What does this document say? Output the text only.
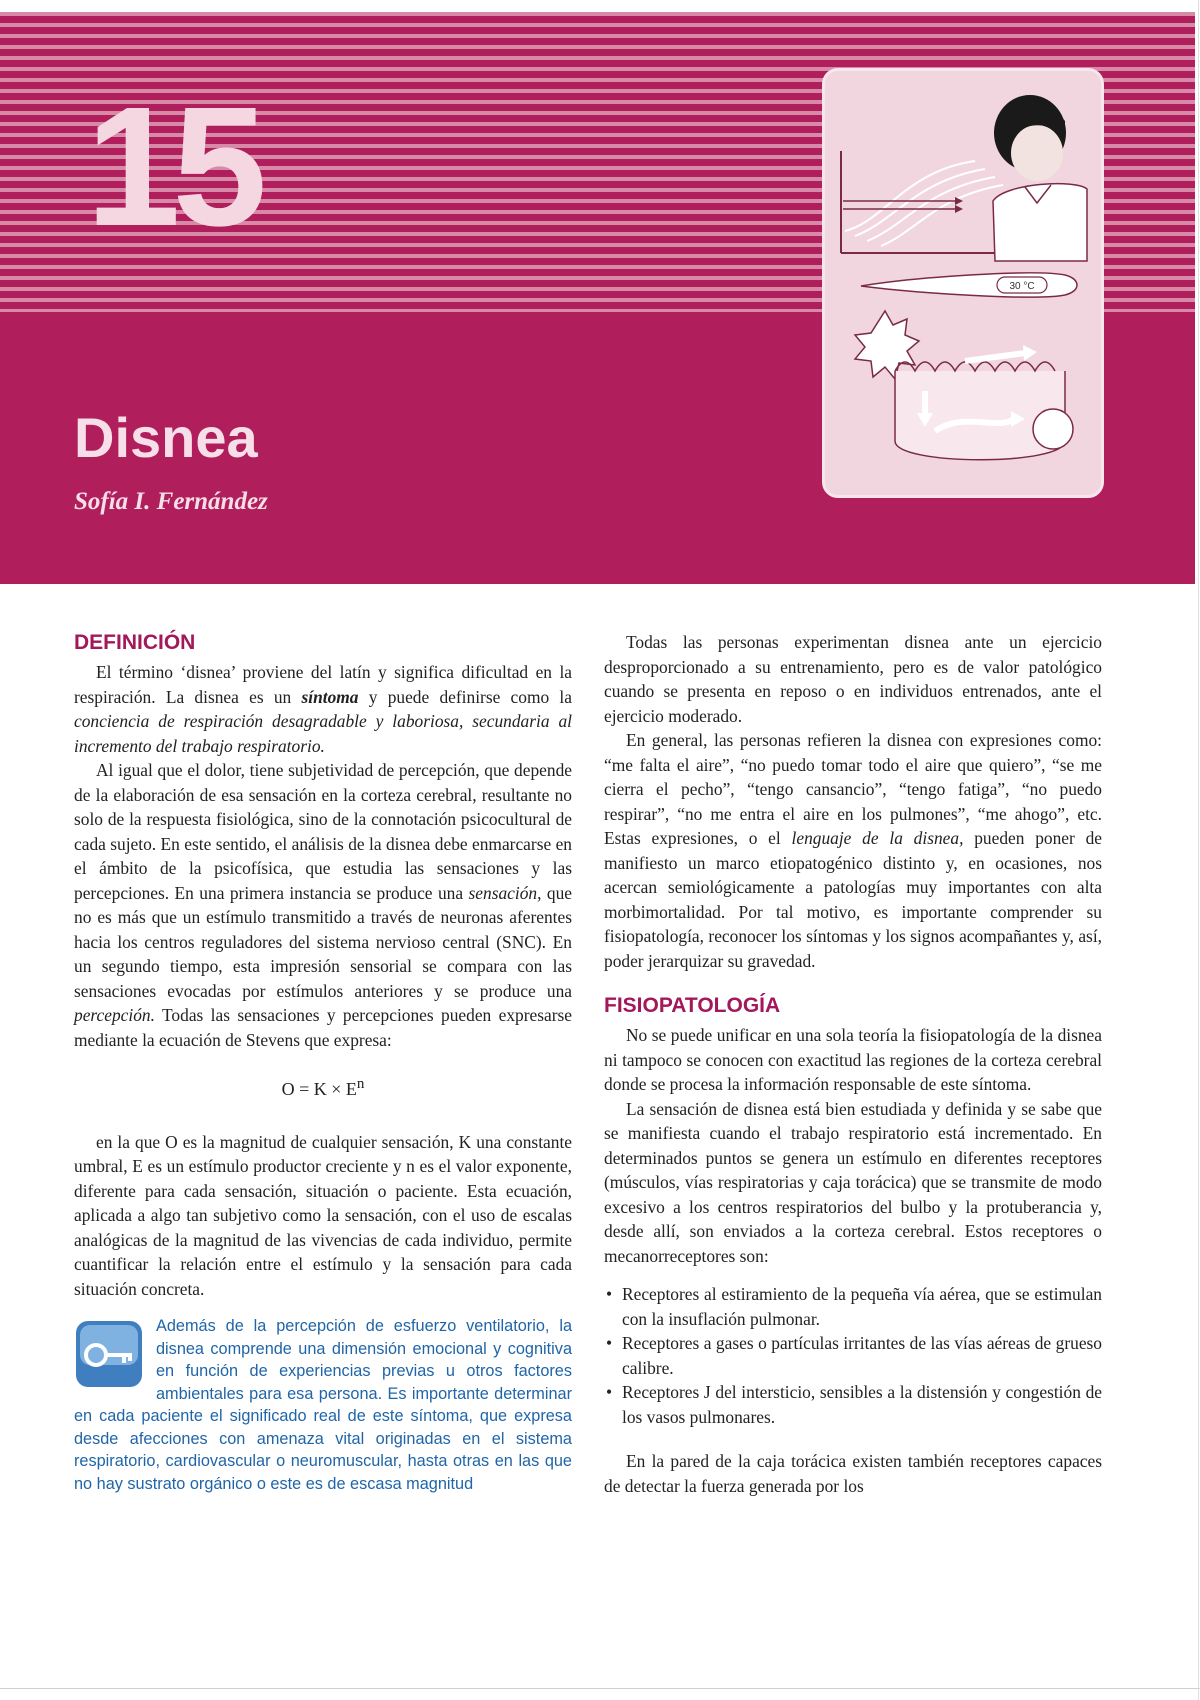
15
Disnea
Sofía I. Fernández
30 °C
DEFINICIÓN

El término ‘disnea’ proviene del latín y significa dificultad en la respiración. La disnea es un síntoma y puede definirse como la conciencia de respiración desagradable y laboriosa, secundaria al incremento del trabajo respiratorio.

Al igual que el dolor, tiene subjetividad de percepción, que depende de la elaboración de esa sensación en la corteza cerebral, resultante no solo de la respuesta fisiológica, sino de la connotación psicocultural de cada sujeto. En este sentido, el análisis de la disnea debe enmarcarse en el ámbito de la psicofísica, que estudia las sensaciones y las percepciones. En una primera instancia se produce una sensación, que no es más que un estímulo transmitido a través de neuronas aferentes hacia los centros reguladores del sistema nervioso central (SNC). En un segundo tiempo, esta impresión sensorial se compara con las sensaciones evocadas por estímulos anteriores y se produce una percepción. Todas las sensaciones y percepciones pueden expresarse mediante la ecuación de Stevens que expresa:

$O = K \times E^n$

en la que O es la magnitud de cualquier sensación, K una constante umbral, E es un estímulo productor creciente y n es el valor exponente, diferente para cada sensación, situación o paciente. Esta ecuación, aplicada a algo tan subjetivo como la sensación, con el uso de escalas analógicas de la magnitud de las vivencias de cada individuo, permite cuantificar la relación entre el estímulo y la sensación para cada situación concreta.

Además de la percepción de esfuerzo ventilatorio, la disnea comprende una dimensión emocional y cognitiva en función de experiencias previas u otros factores ambientales para esa persona. Es importante determinar en cada paciente el significado real de este síntoma, que expresa desde afecciones con amenaza vital originadas en el sistema respiratorio, cardiovascular o neuromuscular, hasta otras en las que no hay sustrato orgánico o este es de escasa magnitud

Todas las personas experimentan disnea ante un ejercicio desproporcionado a su entrenamiento, pero es de valor patológico cuando se presenta en reposo o en individuos entrenados, ante el ejercicio moderado.

En general, las personas refieren la disnea con expresiones como: “me falta el aire”, “no puedo tomar todo el aire que quiero”, “se me cierra el pecho”, “tengo cansancio”, “tengo fatiga”, “no puedo respirar”, “no me entra el aire en los pulmones”, “me ahogo”, etc. Estas expresiones, o el lenguaje de la disnea, pueden poner de manifiesto un marco etiopatogénico distinto y, en ocasiones, nos acercan semiológicamente a patologías muy importantes con alta morbimortalidad. Por tal motivo, es importante comprender su fisiopatología, reconocer los síntomas y los signos acompañantes y, así, poder jerarquizar su gravedad.

FISIOPATOLOGÍA

No se puede unificar en una sola teoría la fisiopatología de la disnea ni tampoco se conocen con exactitud las regiones de la corteza cerebral donde se procesa la información responsable de este síntoma.

La sensación de disnea está bien estudiada y definida y se sabe que se manifiesta cuando el trabajo respiratorio está incrementado. En determinados puntos se genera un estímulo en diferentes receptores (músculos, vías respiratorias y caja torácica) que se transmite de modo excesivo a los centros respiratorios del bulbo y la protuberancia y, desde allí, son enviados a la corteza cerebral. Estos receptores o mecanorreceptores son:

• Receptores al estiramiento de la pequeña vía aérea, que se estimulan con la insuflación pulmonar.
• Receptores a gases o partículas irritantes de las vías aéreas de grueso calibre.
• Receptores J del intersticio, sensibles a la distensión y congestión de los vasos pulmonares.

En la pared de la caja torácica existen también receptores capaces de detectar la fuerza generada por los
